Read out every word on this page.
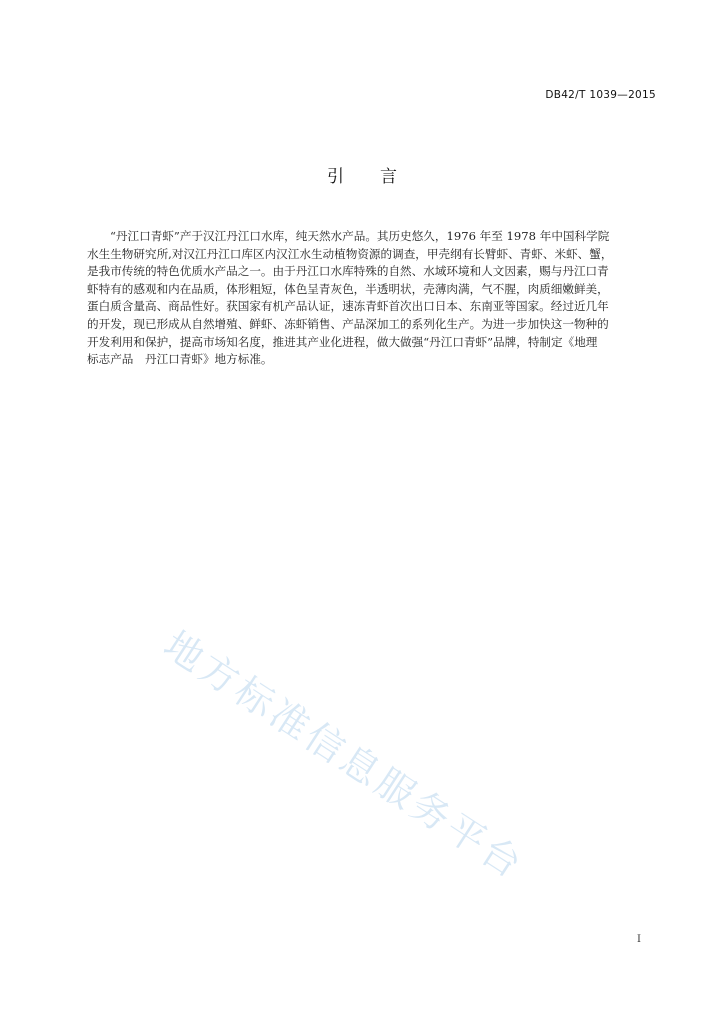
DB42/T 1039—2015
引言
“丹江口青虾”产于汉江丹江口水库，纯天然水产品。其历史悠久，1976 年至 1978 年中国科学院
水生生物研究所,对汉江丹江口库区内汉江水生动植物资源的调查，甲壳纲有长臂虾、青虾、米虾、蟹，
是我市传统的特色优质水产品之一。由于丹江口水库特殊的自然、水域环境和人文因素，赐与丹江口青
虾特有的感观和内在品质，体形粗短，体色呈青灰色，半透明状，壳薄肉满，气不腥，肉质细嫩鲜美，
蛋白质含量高、商品性好。获国家有机产品认证，速冻青虾首次出口日本、东南亚等国家。经过近几年
的开发，现已形成从自然增殖、鲜虾、冻虾销售、产品深加工的系列化生产。为进一步加快这一物种的
开发利用和保护，提高市场知名度，推进其产业化进程，做大做强“丹江口青虾”品牌，特制定《地理
标志产品　丹江口青虾》地方标准。
地方标准信息服务平台
I
